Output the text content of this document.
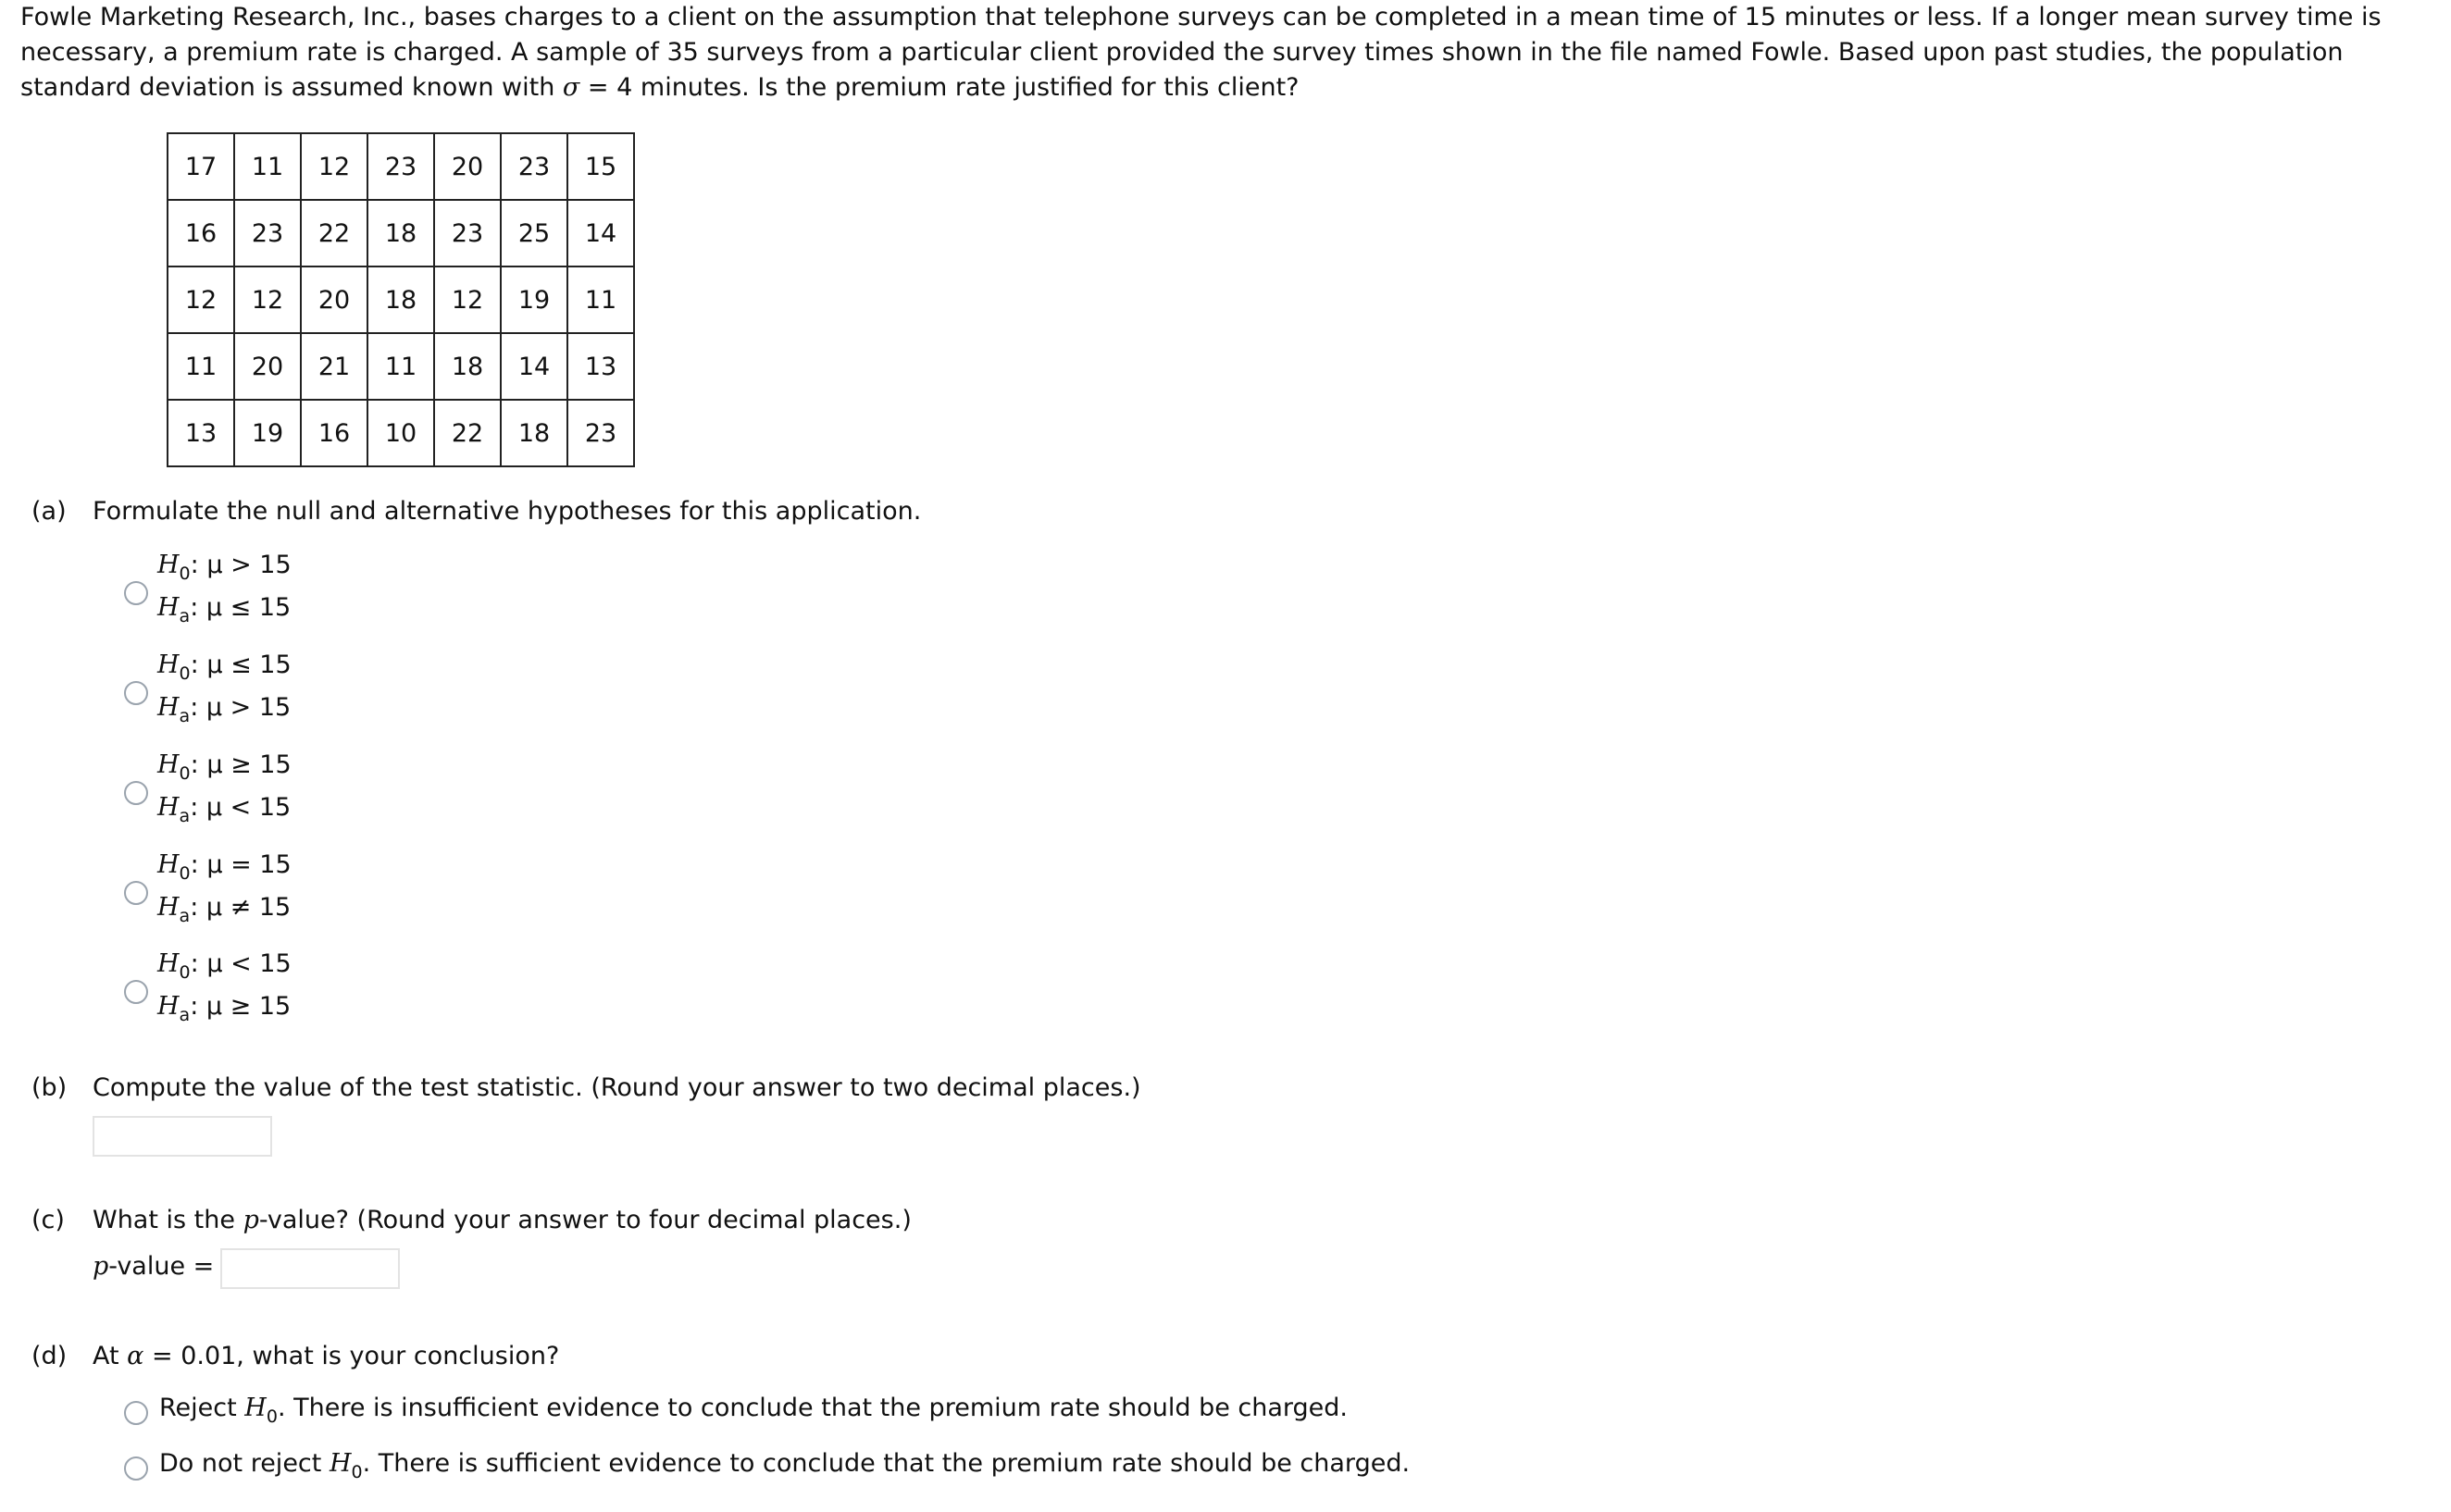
Fowle Marketing Research, Inc., bases charges to a client on the assumption that telephone surveys can be completed in a mean time of 15 minutes or less. If a longer mean survey time is necessary, a premium rate is charged. A sample of 35 surveys from a particular client provided the survey times shown in the file named Fowle. Based upon past studies, the population standard deviation is assumed known with σ = 4 minutes. Is the premium rate justified for this client?
17	11	12	23	20	23	15
16	23	22	18	23	25	14
12	12	20	18	12	19	11
11	20	21	11	18	14	13
13	19	16	10	22	18	23
(a) Formulate the null and alternative hypotheses for this application.
$H_0$: μ > 15
$H_a$: μ ≤ 15
$H_0$: μ ≤ 15
$H_a$: μ > 15
$H_0$: μ ≥ 15
$H_a$: μ < 15
$H_0$: μ = 15
$H_a$: μ ≠ 15
$H_0$: μ < 15
$H_a$: μ ≥ 15
(b) Compute the value of the test statistic. (Round your answer to two decimal places.)
(c) What is the p-value? (Round your answer to four decimal places.)
p-value =
(d) At α = 0.01, what is your conclusion?
Reject $H_0$. There is insufficient evidence to conclude that the premium rate should be charged.
Do not reject $H_0$. There is sufficient evidence to conclude that the premium rate should be charged.
